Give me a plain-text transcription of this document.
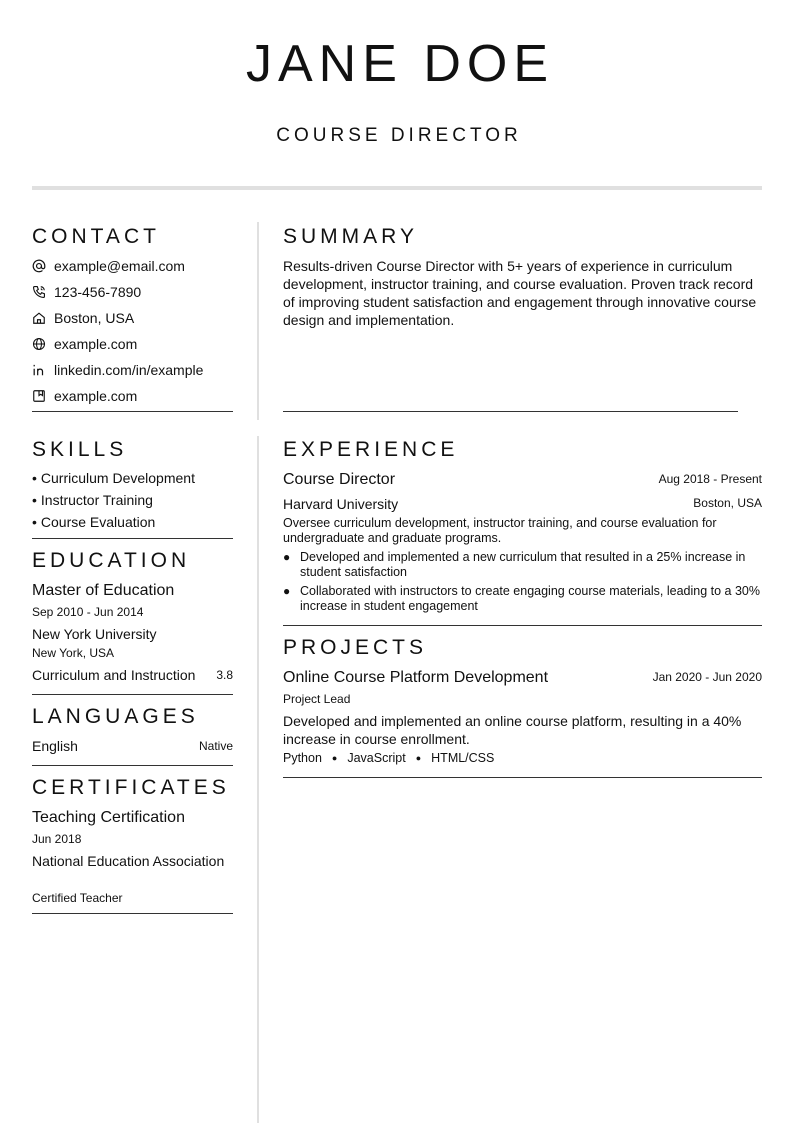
JANE DOE
COURSE DIRECTOR
CONTACT
example@email.com
123-456-7890
Boston, USA
example.com
linkedin.com/in/example
example.com
SUMMARY
Results-driven Course Director with 5+ years of experience in curriculum development, instructor training, and course evaluation. Proven track record of improving student satisfaction and engagement through innovative course design and implementation.
SKILLS
• Curriculum Development
• Instructor Training
• Course Evaluation
EDUCATION
Master of Education
Sep 2010 - Jun 2014
New York University
New York, USA
Curriculum and Instruction	3.8
LANGUAGES
English	Native
CERTIFICATES
Teaching Certification
Jun 2018
National Education Association
Certified Teacher
EXPERIENCE
Course Director	Aug 2018 - Present
Harvard University	Boston, USA
Oversee curriculum development, instructor training, and course evaluation for undergraduate and graduate programs.
● Developed and implemented a new curriculum that resulted in a 25% increase in student satisfaction
● Collaborated with instructors to create engaging course materials, leading to a 30% increase in student engagement
PROJECTS
Online Course Platform Development	Jan 2020 - Jun 2020
Project Lead
Developed and implemented an online course platform, resulting in a 40% increase in course enrollment.
Python ● JavaScript ● HTML/CSS
